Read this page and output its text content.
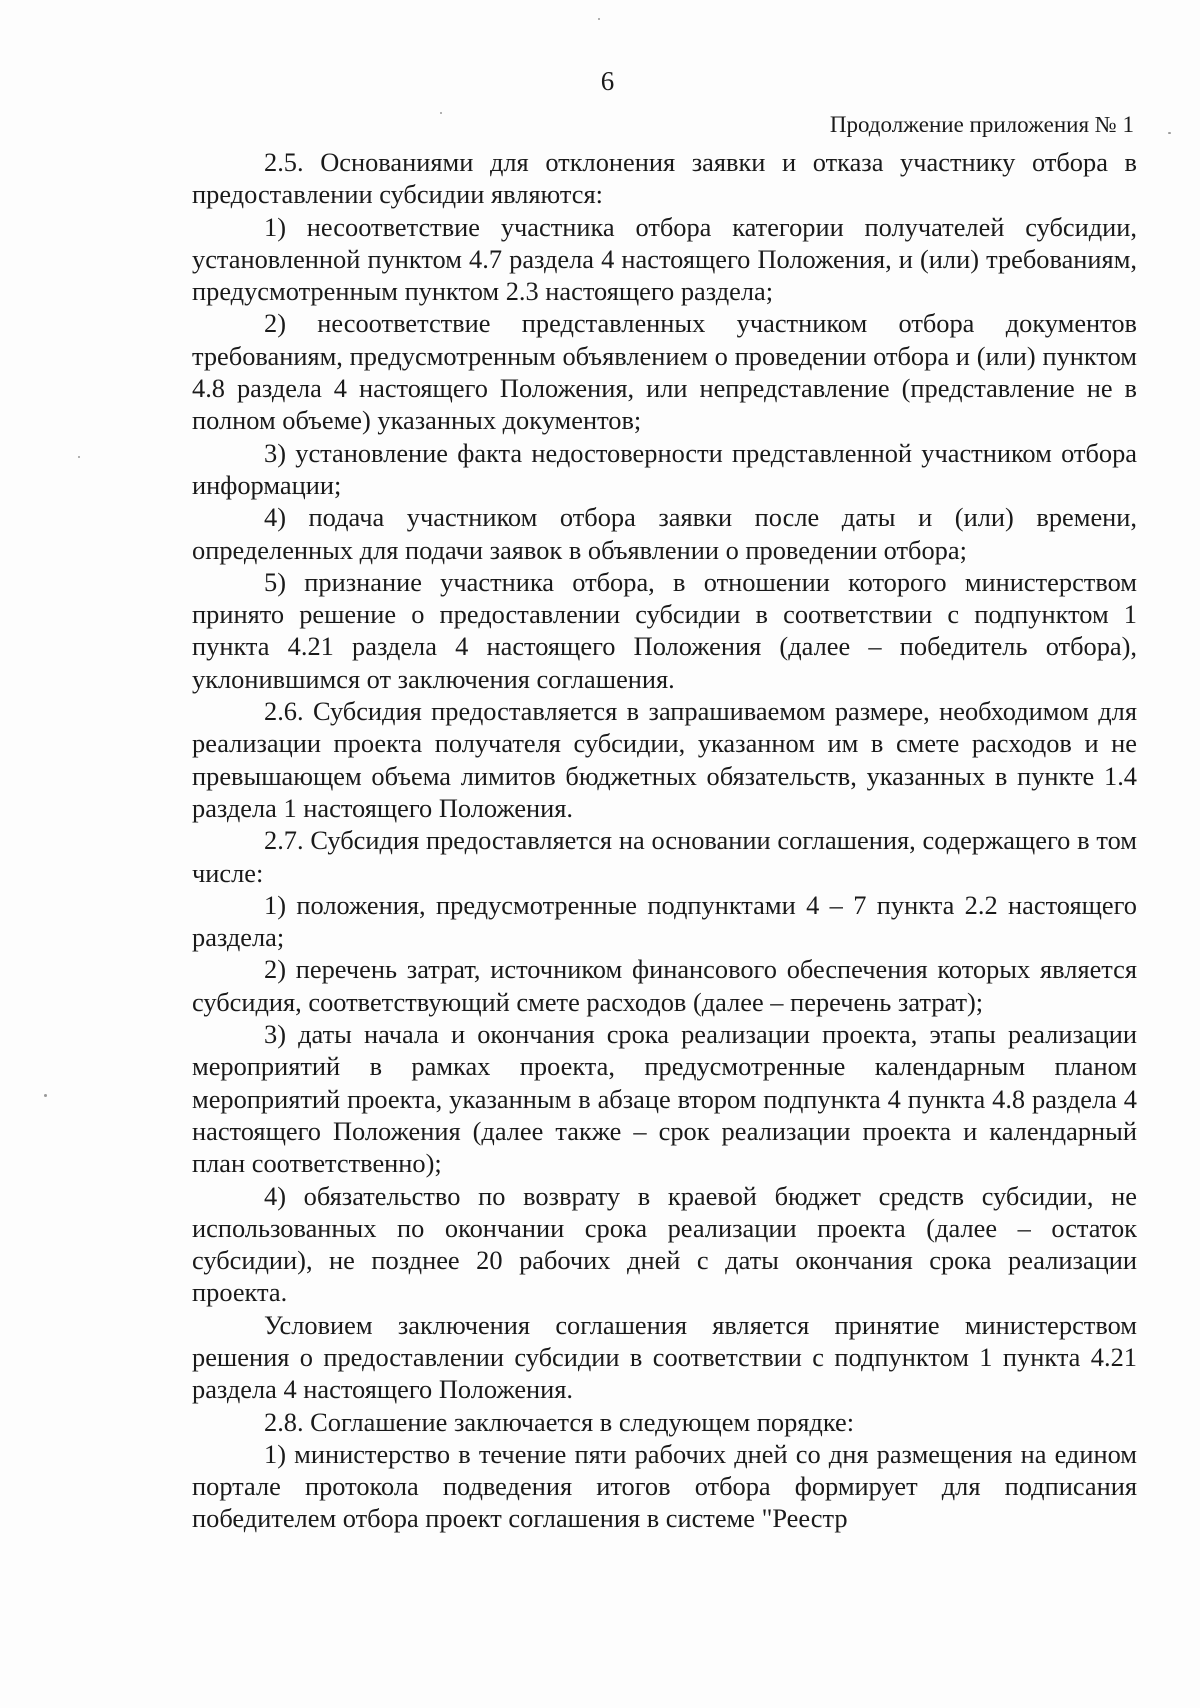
6
Продолжение приложения № 1

2.5. Основаниями для отклонения заявки и отказа участнику отбора в предоставлении субсидии являются:

1) несоответствие участника отбора категории получателей субсидии, установленной пунктом 4.7 раздела 4 настоящего Положения, и (или) требованиям, предусмотренным пунктом 2.3 настоящего раздела;

2) несоответствие представленных участником отбора документов требованиям, предусмотренным объявлением о проведении отбора и (или) пунктом 4.8 раздела 4 настоящего Положения, или непредставление (представление не в полном объеме) указанных документов;

3) установление факта недостоверности представленной участником отбора информации;

4) подача участником отбора заявки после даты и (или) времени, определенных для подачи заявок в объявлении о проведении отбора;

5) признание участника отбора, в отношении которого министерством принято решение о предоставлении субсидии в соответствии с подпунктом 1 пункта 4.21 раздела 4 настоящего Положения (далее – победитель отбора), уклонившимся от заключения соглашения.

2.6. Субсидия предоставляется в запрашиваемом размере, необходимом для реализации проекта получателя субсидии, указанном им в смете расходов и не превышающем объема лимитов бюджетных обязательств, указанных в пункте 1.4 раздела 1 настоящего Положения.

2.7. Субсидия предоставляется на основании соглашения, содержащего в том числе:

1) положения, предусмотренные подпунктами 4 – 7 пункта 2.2 настоящего раздела;

2) перечень затрат, источником финансового обеспечения которых является субсидия, соответствующий смете расходов (далее – перечень затрат);

3) даты начала и окончания срока реализации проекта, этапы реализации мероприятий в рамках проекта, предусмотренные календарным планом мероприятий проекта, указанным в абзаце втором подпункта 4 пункта 4.8 раздела 4 настоящего Положения (далее также – срок реализации проекта и календарный план соответственно);

4) обязательство по возврату в краевой бюджет средств субсидии, не использованных по окончании срока реализации проекта (далее – остаток субсидии), не позднее 20 рабочих дней с даты окончания срока реализации проекта.

Условием заключения соглашения является принятие министерством решения о предоставлении субсидии в соответствии с подпунктом 1 пункта 4.21 раздела 4 настоящего Положения.

2.8. Соглашение заключается в следующем порядке:

1) министерство в течение пяти рабочих дней со дня размещения на едином портале протокола подведения итогов отбора формирует для подписания победителем отбора проект соглашения в системе "Реестр
